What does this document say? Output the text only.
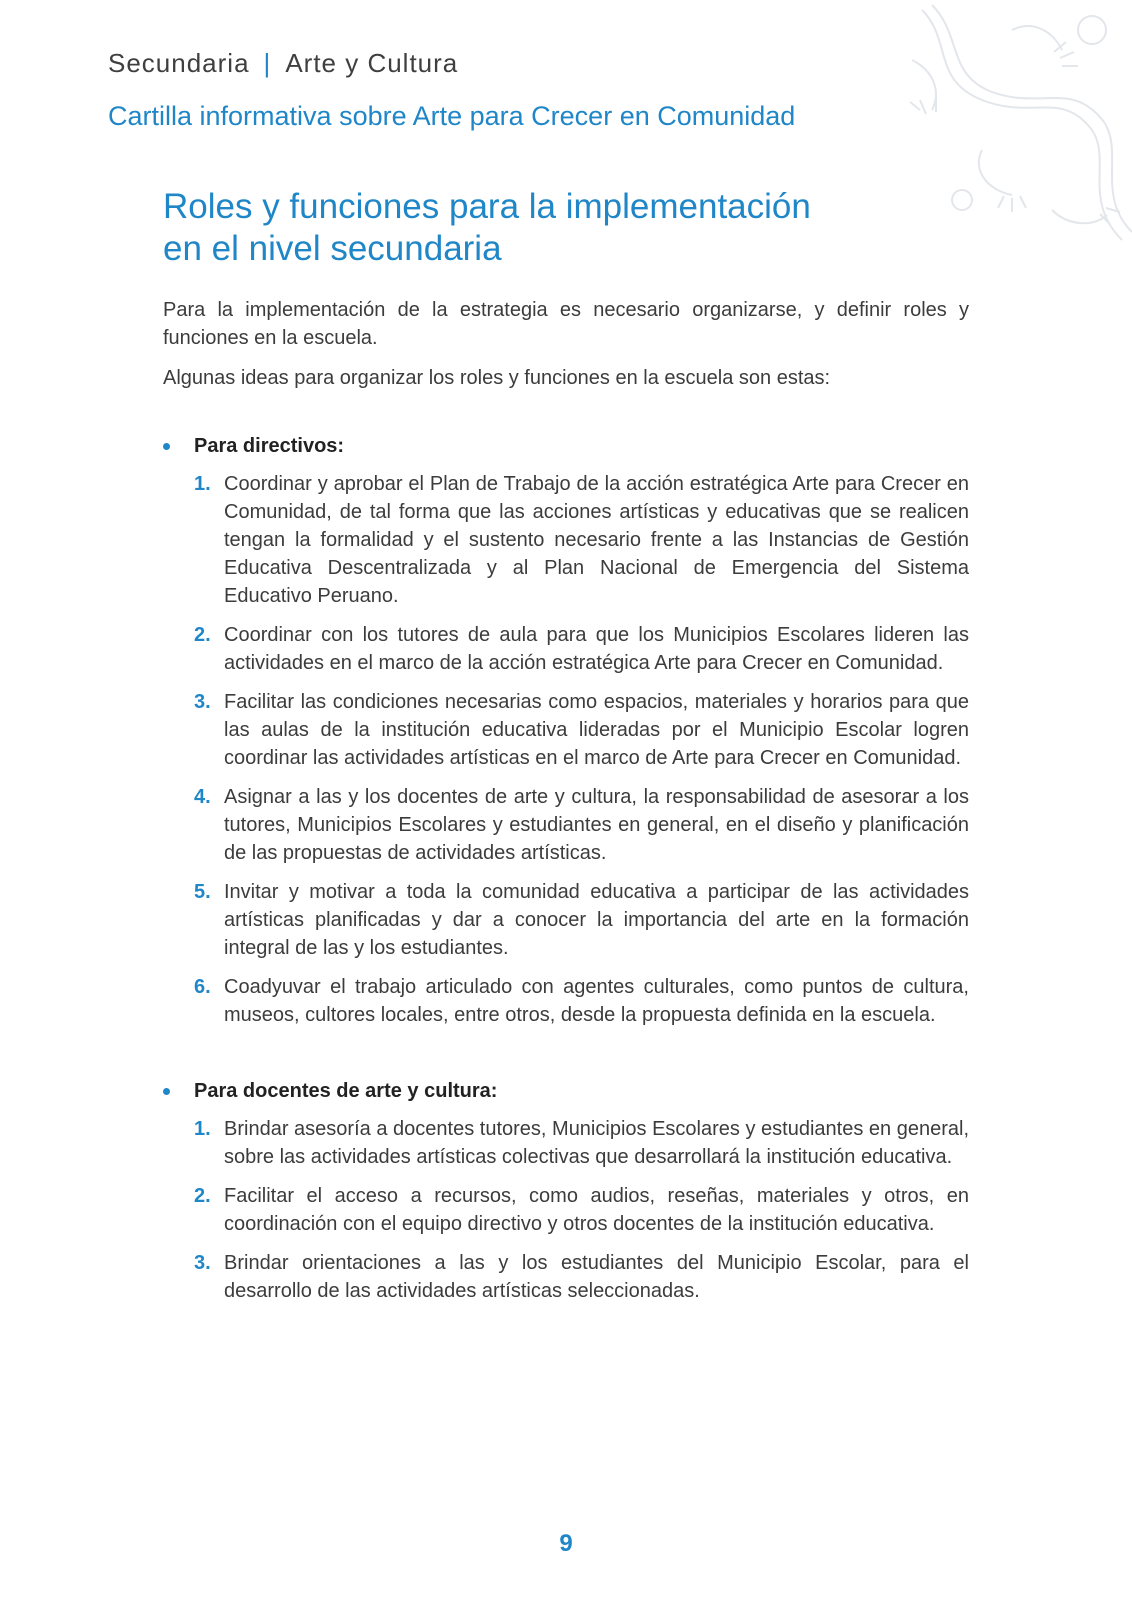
Secundaria | Arte y Cultura
Cartilla informativa sobre Arte para Crecer en Comunidad
Roles y funciones para la implementación
en el nivel secundaria

Para la implementación de la estrategia es necesario organizarse, y definir roles y funciones en la escuela.

Algunas ideas para organizar los roles y funciones en la escuela son estas:

Para directivos:
1. Coordinar y aprobar el Plan de Trabajo de la acción estratégica Arte para Crecer en Comunidad, de tal forma que las acciones artísticas y educativas que se realicen tengan la formalidad y el sustento necesario frente a las Instancias de Gestión Educativa Descentralizada y al Plan Nacional de Emergencia del Sistema Educativo Peruano.
2. Coordinar con los tutores de aula para que los Municipios Escolares lideren las actividades en el marco de la acción estratégica Arte para Crecer en Comunidad.
3. Facilitar las condiciones necesarias como espacios, materiales y horarios para que las aulas de la institución educativa lideradas por el Municipio Escolar logren coordinar las actividades artísticas en el marco de Arte para Crecer en Comunidad.
4. Asignar a las y los docentes de arte y cultura, la responsabilidad de asesorar a los tutores, Municipios Escolares y estudiantes en general, en el diseño y planificación de las propuestas de actividades artísticas.
5. Invitar y motivar a toda la comunidad educativa a participar de las actividades artísticas planificadas y dar a conocer la importancia del arte en la formación integral de las y los estudiantes.
6. Coadyuvar el trabajo articulado con agentes culturales, como puntos de cultura, museos, cultores locales, entre otros, desde la propuesta definida en la escuela.
Para docentes de arte y cultura:
1. Brindar asesoría a docentes tutores, Municipios Escolares y estudiantes en general, sobre las actividades artísticas colectivas que desarrollará la institución educativa.
2. Facilitar el acceso a recursos, como audios, reseñas, materiales y otros, en coordinación con el equipo directivo y otros docentes de la institución educativa.
3. Brindar orientaciones a las y los estudiantes del Municipio Escolar, para el desarrollo de las actividades artísticas seleccionadas.
9
